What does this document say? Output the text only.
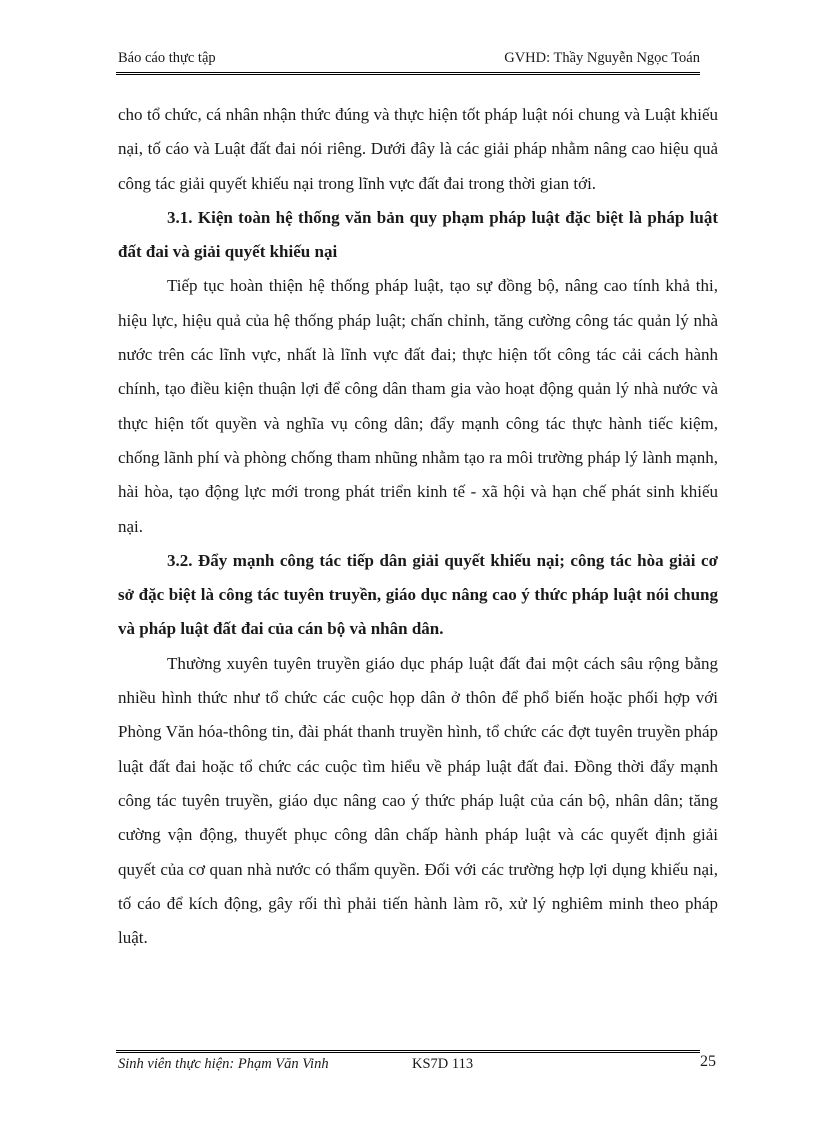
Báo cáo thực tập	GVHD: Thầy Nguyễn Ngọc Toán

cho tổ chức, cá nhân nhận thức đúng và thực hiện tốt pháp luật nói chung và Luật khiếu nại, tố cáo và Luật đất đai nói riêng. Dưới đây là các giải pháp nhằm nâng cao hiệu quả công tác giải quyết khiếu nại trong lĩnh vực đất đai trong thời gian tới.

3.1. Kiện toàn hệ thống văn bản quy phạm pháp luật đặc biệt là pháp luật đất đai và giải quyết khiếu nại

Tiếp tục hoàn thiện hệ thống pháp luật, tạo sự đồng bộ, nâng cao tính khả thi, hiệu lực, hiệu quả của hệ thống pháp luật; chấn chỉnh, tăng cường công tác quản lý nhà nước trên các lĩnh vực, nhất là lĩnh vực đất đai; thực hiện tốt công tác cải cách hành chính, tạo điều kiện thuận lợi để công dân tham gia vào hoạt động quản lý nhà nước và thực hiện tốt quyền và nghĩa vụ công dân; đẩy mạnh công tác thực hành tiếc kiệm, chống lãnh phí và phòng chống tham nhũng nhằm tạo ra môi trường pháp lý lành mạnh, hài hòa, tạo động lực mới trong phát triển kinh tế - xã hội và hạn chế phát sinh khiếu nại.

3.2. Đẩy mạnh công tác tiếp dân giải quyết khiếu nại; công tác hòa giải cơ sở đặc biệt là công tác tuyên truyền, giáo dục nâng cao ý thức pháp luật nói chung và pháp luật đất đai của cán bộ và nhân dân.

Thường xuyên tuyên truyền giáo dục pháp luật đất đai một cách sâu rộng bằng nhiều hình thức như tổ chức các cuộc họp dân ở thôn để phổ biến hoặc phối hợp với Phòng Văn hóa-thông tin, đài phát thanh truyền hình, tổ chức các đợt tuyên truyền pháp luật đất đai hoặc tổ chức các cuộc tìm hiểu về pháp luật đất đai. Đồng thời đẩy mạnh công tác tuyên truyền, giáo dục nâng cao ý thức pháp luật của cán bộ, nhân dân; tăng cường vận động, thuyết phục công dân chấp hành pháp luật và các quyết định giải quyết của cơ quan nhà nước có thẩm quyền. Đối với các trường hợp lợi dụng khiếu nại, tố cáo để kích động, gây rối thì phải tiến hành làm rõ, xử lý nghiêm minh theo pháp luật.

Sinh viên thực hiện: Phạm Văn Vinh	KS7D 113	25
